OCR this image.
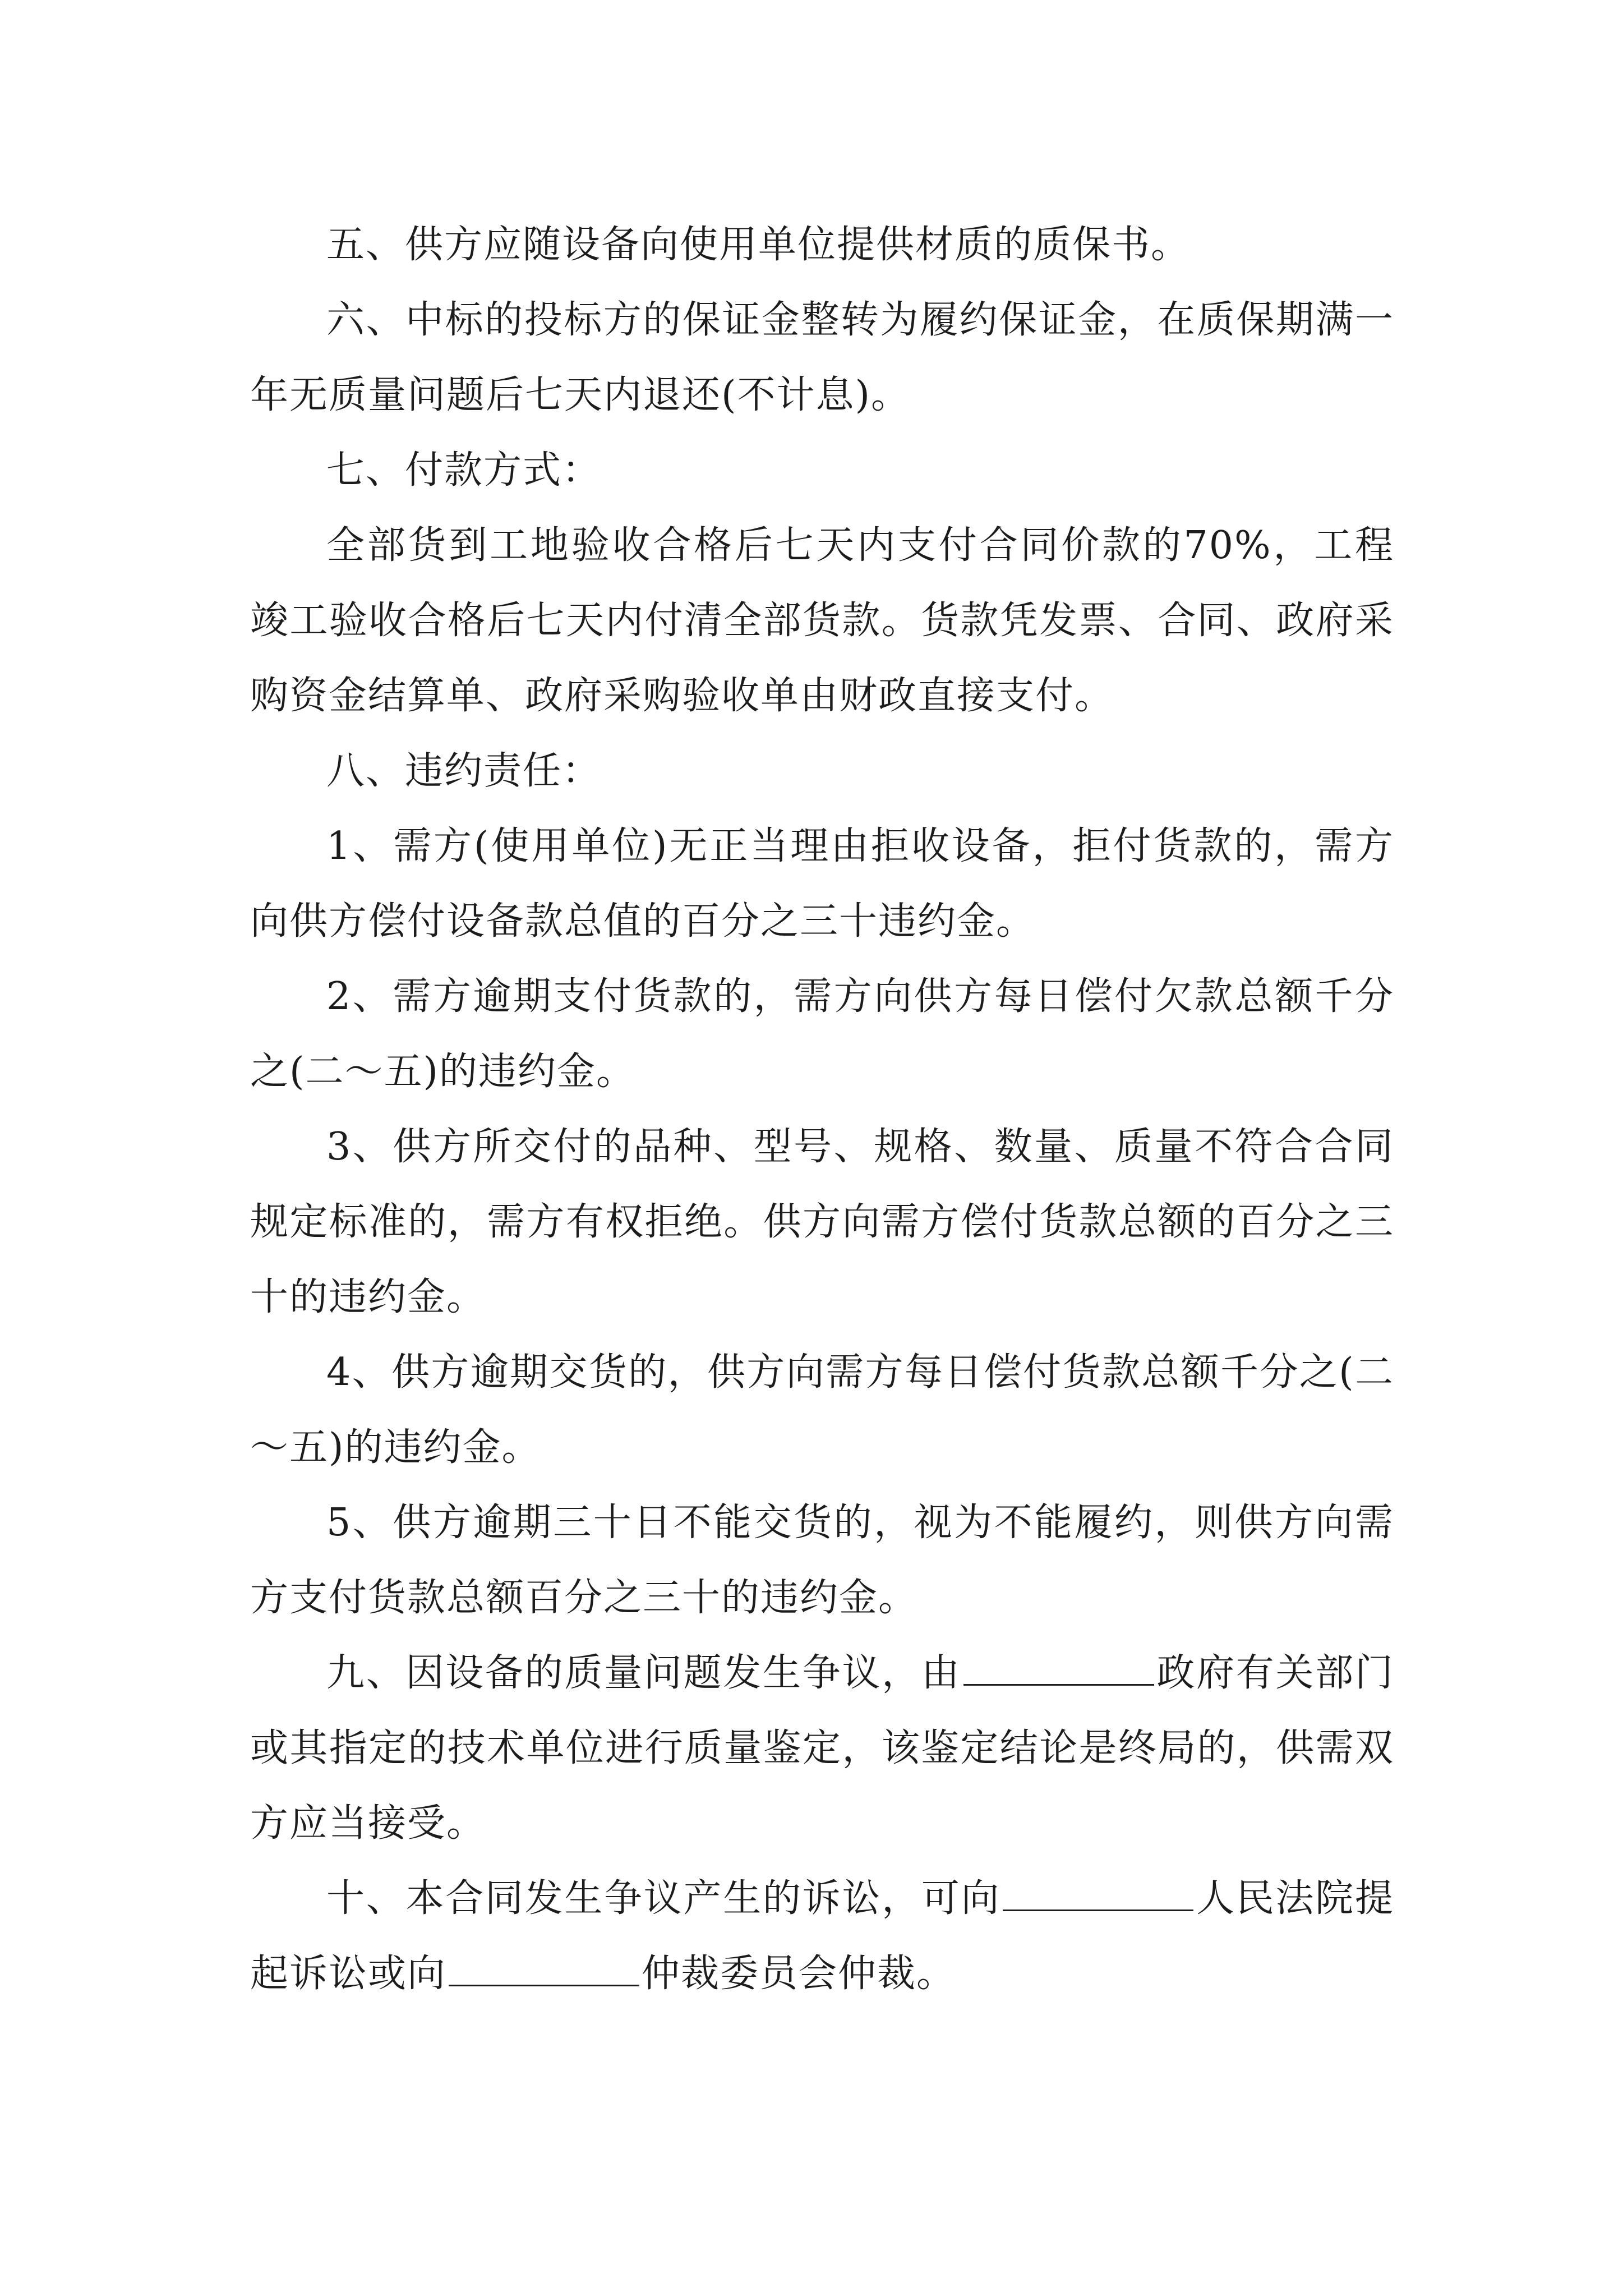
五、供方应随设备向使用单位提供材质的质保书。

六、中标的投标方的保证金整转为履约保证金，在质保期满一年无质量问题后七天内退还(不计息)。

七、付款方式：

全部货到工地验收合格后七天内支付合同价款的70%，工程竣工验收合格后七天内付清全部货款。货款凭发票、合同、政府采购资金结算单、政府采购验收单由财政直接支付。

八、违约责任：

1、需方(使用单位)无正当理由拒收设备，拒付货款的，需方向供方偿付设备款总值的百分之三十违约金。

2、需方逾期支付货款的，需方向供方每日偿付欠款总额千分之(二～五)的违约金。

3、供方所交付的品种、型号、规格、数量、质量不符合合同规定标准的，需方有权拒绝。供方向需方偿付货款总额的百分之三十的违约金。

4、供方逾期交货的，供方向需方每日偿付货款总额千分之(二～五)的违约金。

5、供方逾期三十日不能交货的，视为不能履约，则供方向需方支付货款总额百分之三十的违约金。

九、因设备的质量问题发生争议，由	政府有关部门或其指定的技术单位进行质量鉴定，该鉴定结论是终局的，供需双方应当接受。

十、本合同发生争议产生的诉讼，可向	人民法院提起诉讼或向	仲裁委员会仲裁。
